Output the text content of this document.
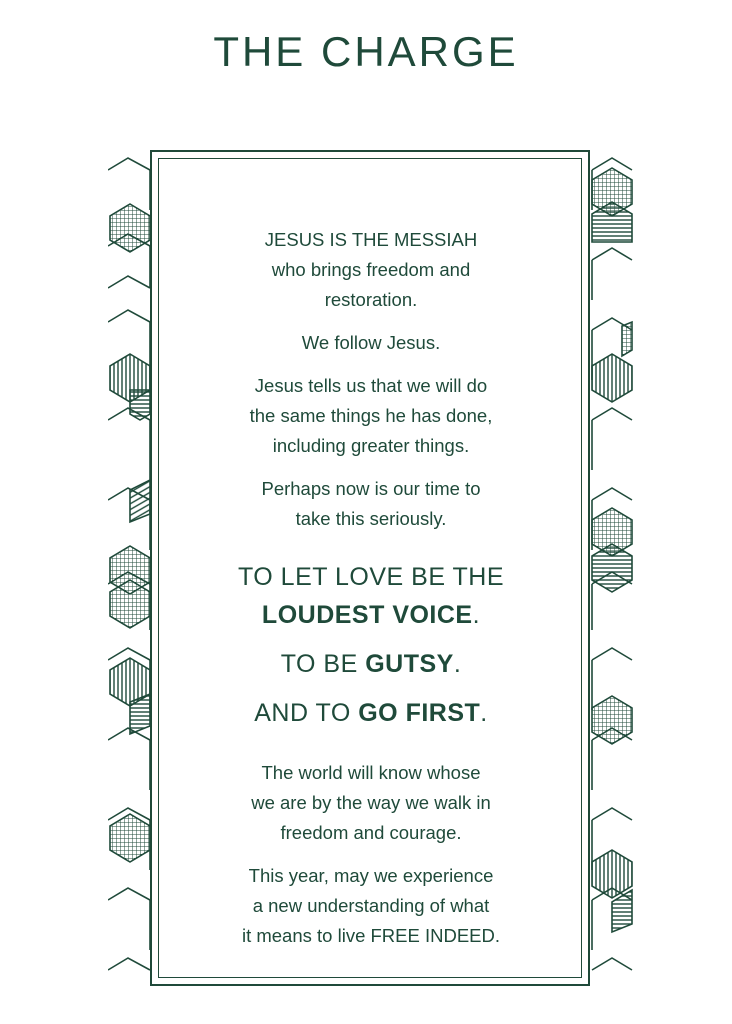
THE CHARGE

JESUS IS THE MESSIAH
who brings freedom and
restoration.

We follow Jesus.

Jesus tells us that we will do
the same things he has done,
including greater things.

Perhaps now is our time to
take this seriously.

TO LET LOVE BE THE
LOUDEST VOICE.

TO BE GUTSY.

AND TO GO FIRST.

The world will know whose
we are by the way we walk in
freedom and courage.

This year, may we experience
a new understanding of what
it means to live FREE INDEED.
